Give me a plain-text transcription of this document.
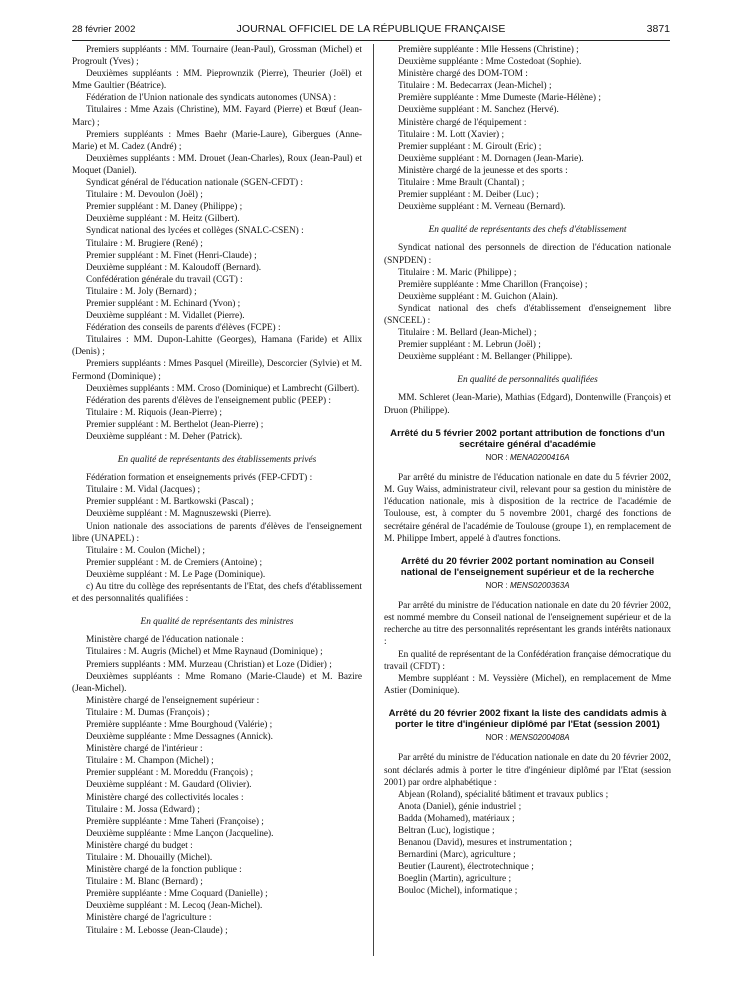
28 février 2002	JOURNAL OFFICIEL DE LA RÉPUBLIQUE FRANÇAISE	3871

Premiers suppléants : MM. Tournaire (Jean-Paul), Grossman (Michel) et Progroult (Yves) ;

Deuxièmes suppléants : MM. Pieprownzik (Pierre), Theurier (Joël) et Mme Gaultier (Béatrice).

Fédération de l'Union nationale des syndicats autonomes (UNSA) :

Titulaires : Mme Azais (Christine), MM. Fayard (Pierre) et Bœuf (Jean-Marc) ;

Premiers suppléants : Mmes Baehr (Marie-Laure), Gibergues (Anne-Marie) et M. Cadez (André) ;

Deuxièmes suppléants : MM. Drouet (Jean-Charles), Roux (Jean-Paul) et Moquet (Daniel).

Syndicat général de l'éducation nationale (SGEN-CFDT) :

Titulaire : M. Devoulon (Joël) ;

Premier suppléant : M. Daney (Philippe) ;

Deuxième suppléant : M. Heitz (Gilbert).

Syndicat national des lycées et collèges (SNALC-CSEN) :

Titulaire : M. Brugiere (René) ;

Premier suppléant : M. Finet (Henri-Claude) ;

Deuxième suppléant : M. Kaloudoff (Bernard).

Confédération générale du travail (CGT) :

Titulaire : M. Joly (Bernard) ;

Premier suppléant : M. Echinard (Yvon) ;

Deuxième suppléant : M. Vidallet (Pierre).

Fédération des conseils de parents d'élèves (FCPE) :

Titulaires : MM. Dupon-Lahitte (Georges), Hamana (Faride) et Allix (Denis) ;

Premiers suppléants : Mmes Pasquel (Mireille), Descorcier (Sylvie) et M. Fermond (Dominique) ;

Deuxièmes suppléants : MM. Croso (Dominique) et Lambrecht (Gilbert).

Fédération des parents d'élèves de l'enseignement public (PEEP) :

Titulaire : M. Riquois (Jean-Pierre) ;

Premier suppléant : M. Berthelot (Jean-Pierre) ;

Deuxième suppléant : M. Deher (Patrick).

En qualité de représentants des établissements privés

Fédération formation et enseignements privés (FEP-CFDT) :

Titulaire : M. Vidal (Jacques) ;

Premier suppléant : M. Bartkowski (Pascal) ;

Deuxième suppléant : M. Magnuszewski (Pierre).

Union nationale des associations de parents d'élèves de l'enseignement libre (UNAPEL) :

Titulaire : M. Coulon (Michel) ;

Premier suppléant : M. de Cremiers (Antoine) ;

Deuxième suppléant : M. Le Page (Dominique).

c) Au titre du collège des représentants de l'Etat, des chefs d'établissement et des personnalités qualifiées :

En qualité de représentants des ministres

Ministère chargé de l'éducation nationale :

Titulaires : M. Augris (Michel) et Mme Raynaud (Dominique) ;

Premiers suppléants : MM. Murzeau (Christian) et Loze (Didier) ;

Deuxièmes suppléants : Mme Romano (Marie-Claude) et M. Bazire (Jean-Michel).

Ministère chargé de l'enseignement supérieur :

Titulaire : M. Dumas (François) ;

Première suppléante : Mme Bourghoud (Valérie) ;

Deuxième suppléante : Mme Dessagnes (Annick).

Ministère chargé de l'intérieur :

Titulaire : M. Champon (Michel) ;

Premier suppléant : M. Moreddu (François) ;

Deuxième suppléant : M. Gaudard (Olivier).

Ministère chargé des collectivités locales :

Titulaire : M. Jossa (Edward) ;

Première suppléante : Mme Taheri (Françoise) ;

Deuxième suppléante : Mme Lançon (Jacqueline).

Ministère chargé du budget :

Titulaire : M. Dhouailly (Michel).

Ministère chargé de la fonction publique :

Titulaire : M. Blanc (Bernard) ;

Première suppléante : Mme Coquard (Danielle) ;

Deuxième suppléant : M. Lecoq (Jean-Michel).

Ministère chargé de l'agriculture :

Titulaire : M. Lebosse (Jean-Claude) ;

Première suppléante : Mlle Hessens (Christine) ;

Deuxième suppléante : Mme Costedoat (Sophie).

Ministère chargé des DOM-TOM :

Titulaire : M. Bedecarrax (Jean-Michel) ;

Première suppléante : Mme Dumeste (Marie-Hélène) ;

Deuxième suppléant : M. Sanchez (Hervé).

Ministère chargé de l'équipement :

Titulaire : M. Lott (Xavier) ;

Premier suppléant : M. Giroult (Eric) ;

Deuxième suppléant : M. Dornagen (Jean-Marie).

Ministère chargé de la jeunesse et des sports :

Titulaire : Mme Brault (Chantal) ;

Premier suppléant : M. Deiber (Luc) ;

Deuxième suppléant : M. Verneau (Bernard).

En qualité de représentants des chefs d'établissement

Syndicat national des personnels de direction de l'éducation nationale (SNPDEN) :

Titulaire : M. Maric (Philippe) ;

Première suppléante : Mme Charillon (Françoise) ;

Deuxième suppléant : M. Guichon (Alain).

Syndicat national des chefs d'établissement d'enseignement libre (SNCEEL) :

Titulaire : M. Bellard (Jean-Michel) ;

Premier suppléant : M. Lebrun (Joël) ;

Deuxième suppléant : M. Bellanger (Philippe).

En qualité de personnalités qualifiées

MM. Schleret (Jean-Marie), Mathias (Edgard), Dontenwille (François) et Druon (Philippe).

Arrêté du 5 février 2002 portant attribution de fonctions d'un secrétaire général d'académie
NOR : MENA0200416A

Par arrêté du ministre de l'éducation nationale en date du 5 février 2002, M. Guy Waiss, administrateur civil, relevant pour sa gestion du ministère de l'éducation nationale, mis à disposition de la rectrice de l'académie de Toulouse, est, à compter du 5 novembre 2001, chargé des fonctions de secrétaire général de l'académie de Toulouse (groupe 1), en remplacement de M. Philippe Imbert, appelé à d'autres fonctions.

Arrêté du 20 février 2002 portant nomination au Conseil national de l'enseignement supérieur et de la recherche
NOR : MENS0200363A

Par arrêté du ministre de l'éducation nationale en date du 20 février 2002, est nommé membre du Conseil national de l'enseignement supérieur et de la recherche au titre des personnalités représentant les grands intérêts nationaux :

En qualité de représentant de la Confédération française démocratique du travail (CFDT) :

Membre suppléant : M. Veyssière (Michel), en remplacement de Mme Astier (Dominique).

Arrêté du 20 février 2002 fixant la liste des candidats admis à porter le titre d'ingénieur diplômé par l'Etat (session 2001)
NOR : MENS0200408A

Par arrêté du ministre de l'éducation nationale en date du 20 février 2002, sont déclarés admis à porter le titre d'ingénieur diplômé par l'Etat (session 2001) par ordre alphabétique :

Abjean (Roland), spécialité bâtiment et travaux publics ;

Anota (Daniel), génie industriel ;

Badda (Mohamed), matériaux ;

Beltran (Luc), logistique ;

Benanou (David), mesures et instrumentation ;

Bernardini (Marc), agriculture ;

Beutier (Laurent), électrotechnique ;

Boeglin (Martin), agriculture ;

Bouloc (Michel), informatique ;
